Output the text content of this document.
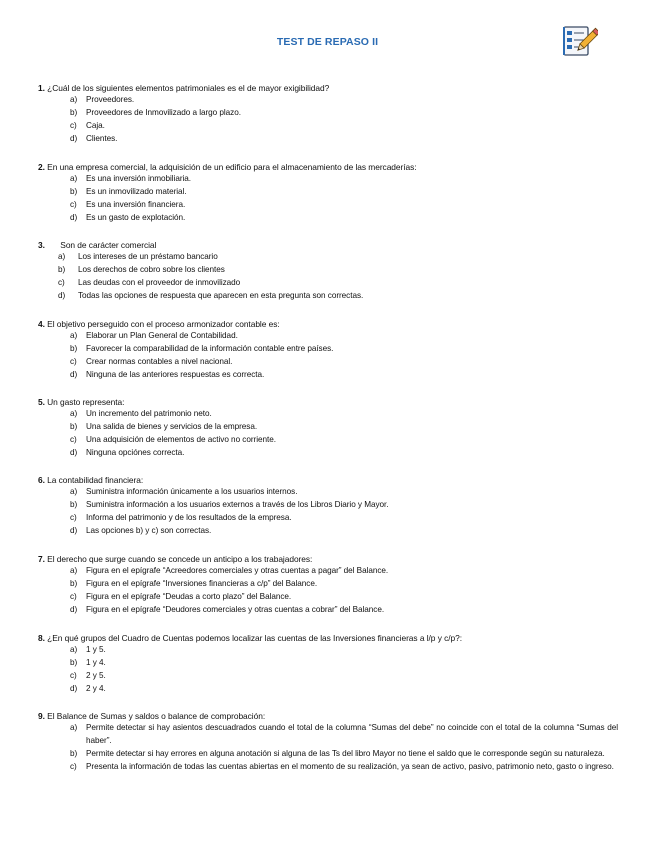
TEST DE REPASO II
1. ¿Cuál de los siguientes elementos patrimoniales es el de mayor exigibilidad?
a) Proveedores.
b) Proveedores de Inmovilizado a largo plazo.
c) Caja.
d) Clientes.
2. En una empresa comercial, la adquisición de un edificio para el almacenamiento de las mercaderías:
a) Es una inversión inmobiliaria.
b) Es un inmovilizado material.
c) Es una inversión financiera.
d) Es un gasto de explotación.
3. Son de carácter comercial
a) Los intereses de un préstamo bancario
b) Los derechos de cobro sobre los clientes
c) Las deudas con el proveedor de inmovilizado
d) Todas las opciones de respuesta que aparecen en esta pregunta son correctas.
4. El objetivo perseguido con el proceso armonizador contable es:
a) Elaborar un Plan General de Contabilidad.
b) Favorecer la comparabilidad de la información contable entre países.
c) Crear normas contables a nivel nacional.
d) Ninguna de las anteriores respuestas es correcta.
5. Un gasto representa:
a) Un incremento del patrimonio neto.
b) Una salida de bienes y servicios de la empresa.
c) Una adquisición de elementos de activo no corriente.
d) Ninguna opciónes correcta.
6. La contabilidad financiera:
a) Suministra información únicamente a los usuarios internos.
b) Suministra información a los usuarios externos a través de los Libros Diario y Mayor.
c) Informa del patrimonio y de los resultados de la empresa.
d) Las opciones b) y c) son correctas.
7. El derecho que surge cuando se concede un anticipo a los trabajadores:
a) Figura en el epígrafe “Acreedores comerciales y otras cuentas a pagar” del Balance.
b) Figura en el epígrafe “Inversiones financieras a c/p” del Balance.
c) Figura en el epígrafe “Deudas a corto plazo” del Balance.
d) Figura en el epígrafe “Deudores comerciales y otras cuentas a cobrar” del Balance.
8. ¿En qué grupos del Cuadro de Cuentas podemos localizar las cuentas de las Inversiones financieras a l/p y c/p?:
a) 1 y 5.
b) 1 y 4.
c) 2 y 5.
d) 2 y 4.
9. El Balance de Sumas y saldos o balance de comprobación:
a) Permite detectar si hay asientos descuadrados cuando el total de la columna “Sumas del debe” no coincide con el total de la columna “Sumas del haber”.
b) Permite detectar si hay errores en alguna anotación si alguna de las Ts del libro Mayor no tiene el saldo que le corresponde según su naturaleza.
c) Presenta la información de todas las cuentas abiertas en el momento de su realización, ya sean de activo, pasivo, patrimonio neto, gasto o ingreso.
